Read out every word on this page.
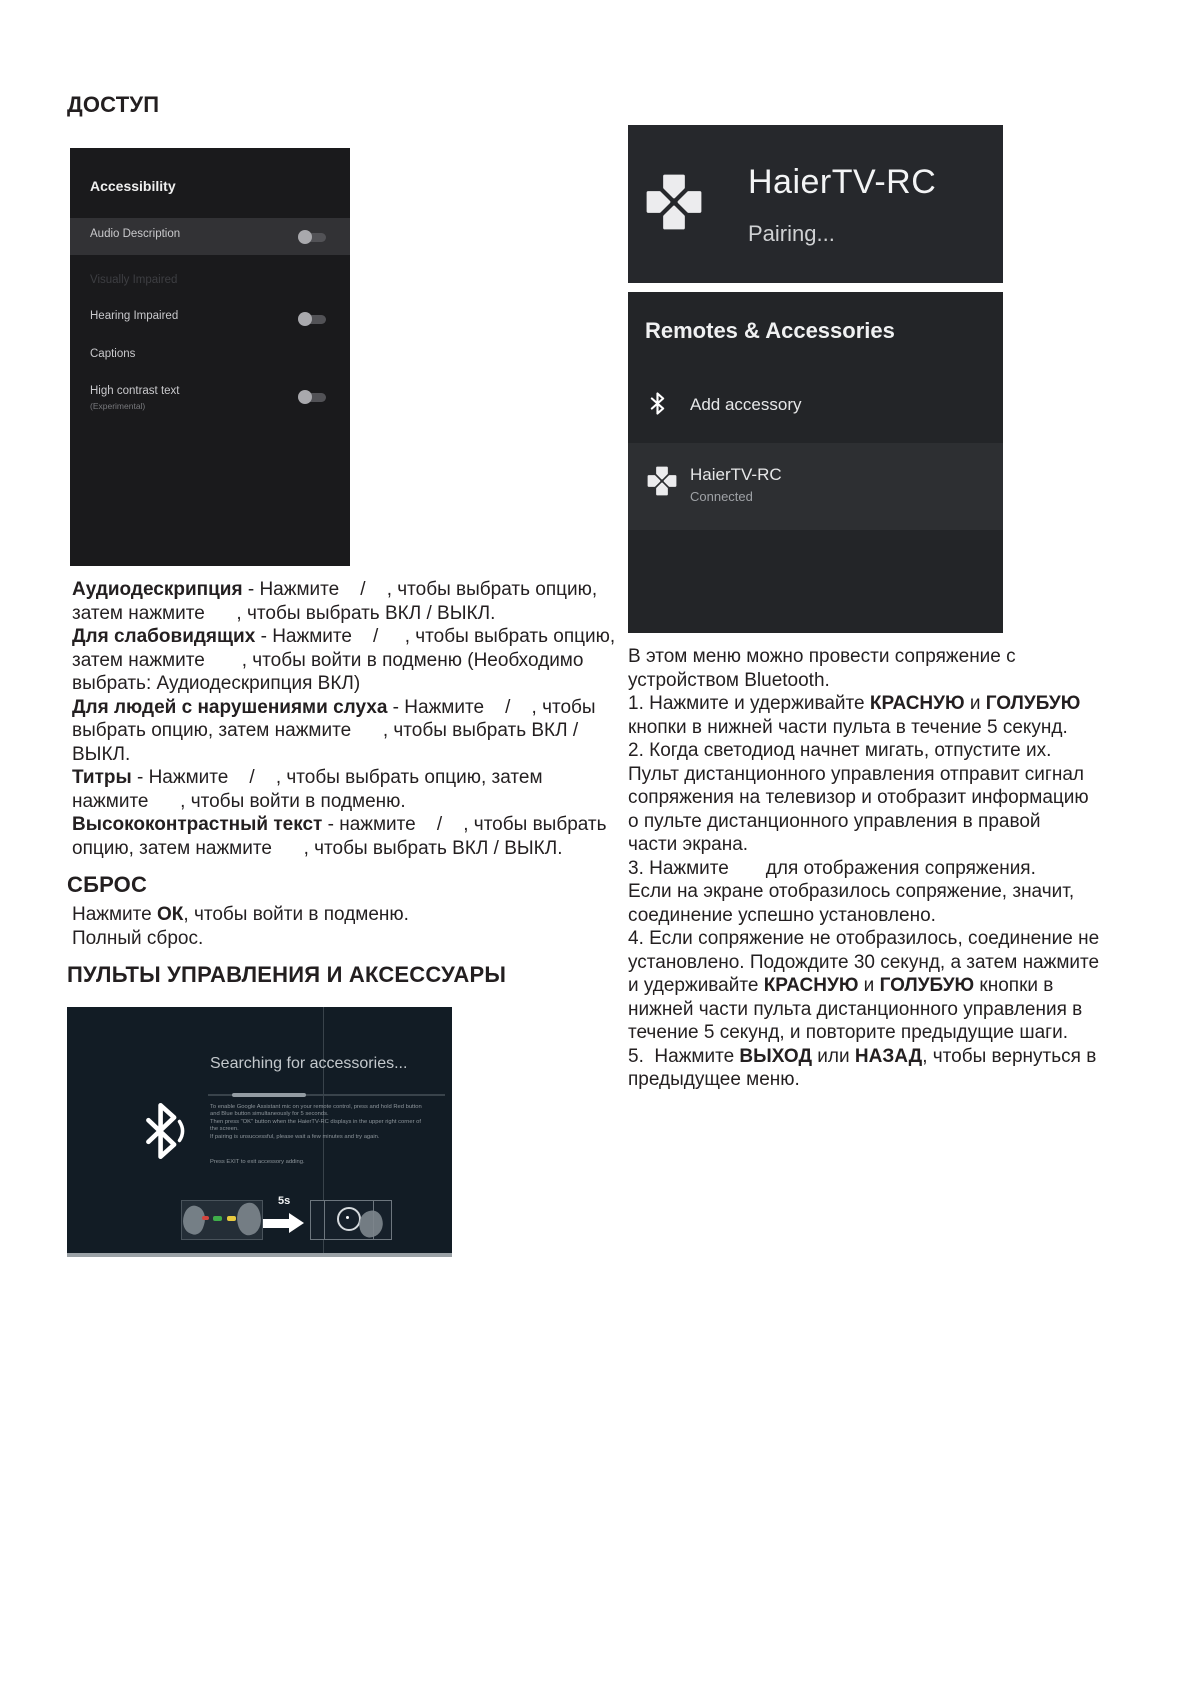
ДОСТУП
Accessibility
Audio Description
Visually Impaired
Hearing Impaired
Captions
High contrast text
(Experimental)
Аудиодескрипция - Нажмите    /    , чтобы выбрать опцию,
затем нажмите      , чтобы выбрать ВКЛ / ВЫКЛ.
Для слабовидящих - Нажмите    /     , чтобы выбрать опцию,
затем нажмите       , чтобы войти в подменю (Необходимо
выбрать: Аудиодескрипция ВКЛ)
Для людей с нарушениями слуха - Нажмите    /    , чтобы
выбрать опцию, затем нажмите      , чтобы выбрать ВКЛ /
ВЫКЛ.
Титры - Нажмите    /    , чтобы выбрать опцию, затем
нажмите      , чтобы войти в подменю.
Высококонтрастный текст - нажмите    /    , чтобы выбрать
опцию, затем нажмите      , чтобы выбрать ВКЛ / ВЫКЛ.
СБРОС
Нажмите ОК, чтобы войти в подменю.
Полный сброс.
ПУЛЬТЫ УПРАВЛЕНИЯ И АКСЕССУАРЫ
Searching for accessories...
To enable Google Assistant mic on your remote control, press and hold Red button
and Blue button simultaneously for 5 seconds.
Then press "OK" button when the HaierTV-RC displays in the upper right corner of
the screen.
If pairing is unsuccessful, please wait a few minutes and try again.
Press EXIT to exit accessory adding.
5s
HaierTV-RC
Pairing...
Remotes & Accessories
Add accessory
HaierTV-RC
Connected
В этом меню можно провести сопряжение с
устройством Bluetooth.
1. Нажмите и удерживайте КРАСНУЮ и ГОЛУБУЮ
кнопки в нижней части пульта в течение 5 секунд.
2. Когда светодиод начнет мигать, отпустите их.
Пульт дистанционного управления отправит сигнал
сопряжения на телевизор и отобразит информацию
о пульте дистанционного управления в правой
части экрана.
3. Нажмите       для отображения сопряжения.
Если на экране отобразилось сопряжение, значит,
соединение успешно установлено.
4. Если сопряжение не отобразилось, соединение не
установлено. Подождите 30 секунд, а затем нажмите
и удерживайте КРАСНУЮ и ГОЛУБУЮ кнопки в
нижней части пульта дистанционного управления в
течение 5 секунд, и повторите предыдущие шаги.
5.  Нажмите ВЫХОД или НАЗАД, чтобы вернуться в
предыдущее меню.
